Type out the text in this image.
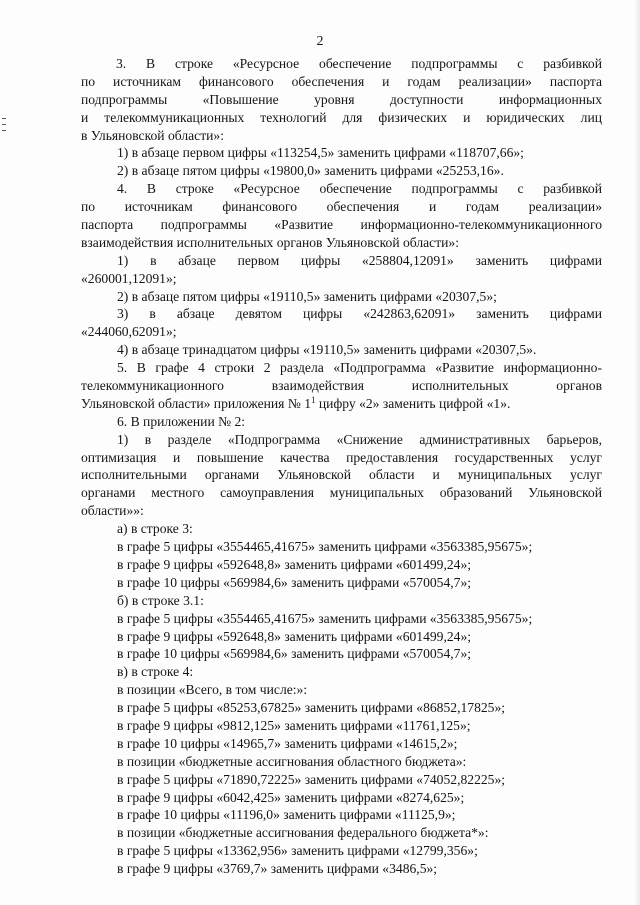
2
3. В строке «Ресурсное обеспечение подпрограммы с разбивкой
по источникам финансового обеспечения и годам реализации» паспорта
подпрограммы «Повышение уровня доступности информационных
и телекоммуникационных технологий для физических и юридических лиц
в Ульяновской области»:
1) в абзаце первом цифры «113254,5» заменить цифрами «118707,66»;
2) в абзаце пятом цифры «19800,0» заменить цифрами «25253,16».
4. В строке «Ресурсное обеспечение подпрограммы с разбивкой
по источникам финансового обеспечения и годам реализации»
паспорта подпрограммы «Развитие информационно-телекоммуникационного
взаимодействия исполнительных органов Ульяновской области»:
1) в абзаце первом цифры «258804,12091» заменить цифрами
«260001,12091»;
2) в абзаце пятом цифры «19110,5» заменить цифрами «20307,5»;
3) в абзаце девятом цифры «242863,62091» заменить цифрами
«244060,62091»;
4) в абзаце тринадцатом цифры «19110,5» заменить цифрами «20307,5».
5. В графе 4 строки 2 раздела «Подпрограмма «Развитие информационно-
телекоммуникационного взаимодействия исполнительных органов
Ульяновской области» приложения № $1^1$ цифру «2» заменить цифрой «1».
6. В приложении № 2:
1) в разделе «Подпрограмма «Снижение административных барьеров,
оптимизация и повышение качества предоставления государственных услуг
исполнительными органами Ульяновской области и муниципальных услуг
органами местного самоуправления муниципальных образований Ульяновской
области»»:
а) в строке 3:
в графе 5 цифры «3554465,41675» заменить цифрами «3563385,95675»;
в графе 9 цифры «592648,8» заменить цифрами «601499,24»;
в графе 10 цифры «569984,6» заменить цифрами «570054,7»;
б) в строке 3.1:
в графе 5 цифры «3554465,41675» заменить цифрами «3563385,95675»;
в графе 9 цифры «592648,8» заменить цифрами «601499,24»;
в графе 10 цифры «569984,6» заменить цифрами «570054,7»;
в) в строке 4:
в позиции «Всего, в том числе:»:
в графе 5 цифры «85253,67825» заменить цифрами «86852,17825»;
в графе 9 цифры «9812,125» заменить цифрами «11761,125»;
в графе 10 цифры «14965,7» заменить цифрами «14615,2»;
в позиции «бюджетные ассигнования областного бюджета»:
в графе 5 цифры «71890,72225» заменить цифрами «74052,82225»;
в графе 9 цифры «6042,425» заменить цифрами «8274,625»;
в графе 10 цифры «11196,0» заменить цифрами «11125,9»;
в позиции «бюджетные ассигнования федерального бюджета*»:
в графе 5 цифры «13362,956» заменить цифрами «12799,356»;
в графе 9 цифры «3769,7» заменить цифрами «3486,5»;
